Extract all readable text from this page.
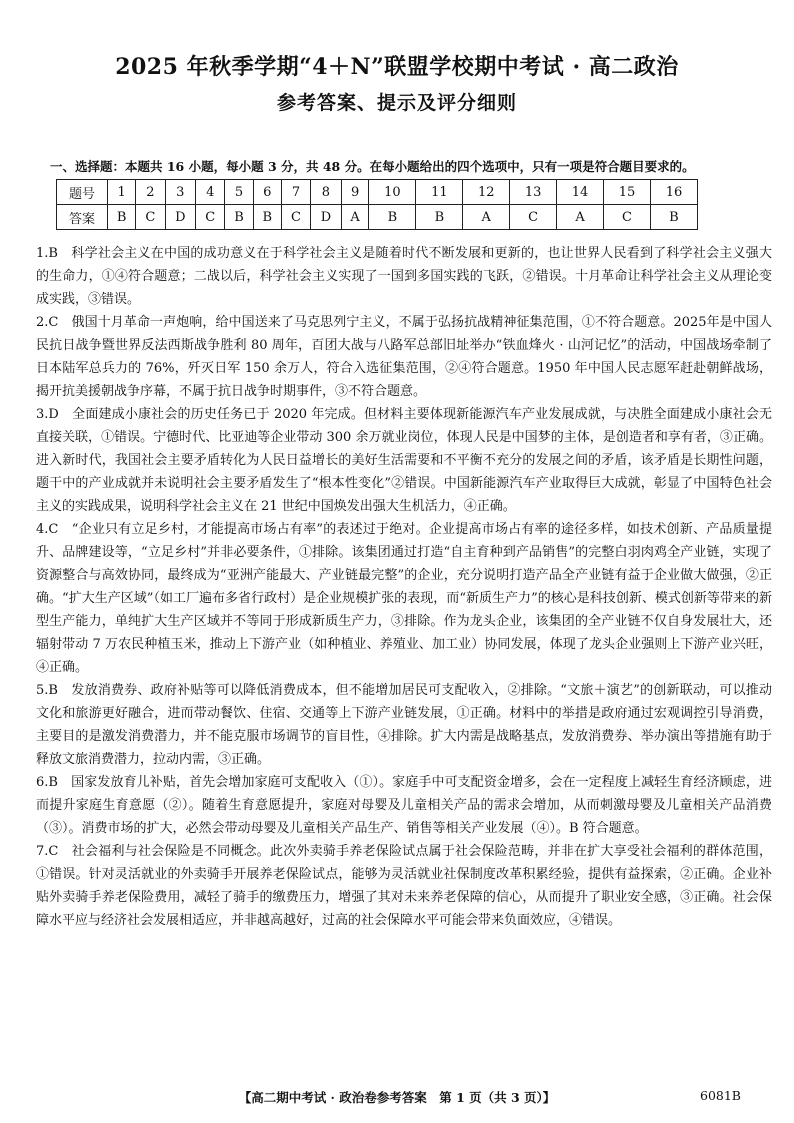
2025 年秋季学期“4＋N”联盟学校期中考试 · 高二政治
参考答案、提示及评分细则
一、选择题：本题共 16 小题，每小题 3 分，共 48 分。在每小题给出的四个选项中，只有一项是符合题目要求的。
题号	1	2	3	4	5	6	7	8	9	10	11	12	13	14	15	16
答案	B	C	D	C	B	B	C	D	A	B	B	A	C	A	C	B
1.B　 科学社会主义在中国的成功意义在于科学社会主义是随着时代不断发展和更新的，也让世界人民看到了科学社会主义强大的生命力，①④符合题意；二战以后，科学社会主义实现了一国到多国实践的飞跃，②错误。十月革命让科学社会主义从理论变成实践，③错误。
2.C　 俄国十月革命一声炮响，给中国送来了马克思列宁主义，不属于弘扬抗战精神征集范围，①不符合题意。2025年是中国人民抗日战争暨世界反法西斯战争胜利 80 周年，百团大战与八路军总部旧址举办“铁血烽火 · 山河记忆”的活动，中国战场牵制了日本陆军总兵力的 76%，歼灭日军 150 余万人，符合入选征集范围，②④符合题意。1950 年中国人民志愿军赶赴朝鲜战场，揭开抗美援朝战争序幕，不属于抗日战争时期事件，③不符合题意。
3.D　 全面建成小康社会的历史任务已于 2020 年完成。但材料主要体现新能源汽车产业发展成就，与决胜全面建成小康社会无直接关联，①错误。宁德时代、比亚迪等企业带动 300 余万就业岗位，体现人民是中国梦的主体，是创造者和享有者，③正确。进入新时代，我国社会主要矛盾转化为人民日益增长的美好生活需要和不平衡不充分的发展之间的矛盾，该矛盾是长期性问题，题干中的产业成就并未说明社会主要矛盾发生了“根本性变化”②错误。中国新能源汽车产业取得巨大成就，彰显了中国特色社会主义的实践成果，说明科学社会主义在 21 世纪中国焕发出强大生机活力，④正确。
4.C　 “企业只有立足乡村，才能提高市场占有率”的表述过于绝对。企业提高市场占有率的途径多样，如技术创新、产品质量提升、品牌建设等，“立足乡村”并非必要条件，①排除。该集团通过打造“自主育种到产品销售”的完整白羽肉鸡全产业链，实现了资源整合与高效协同，最终成为“亚洲产能最大、产业链最完整”的企业，充分说明打造产品全产业链有益于企业做大做强，②正确。“扩大生产区域”（如工厂遍布多省行政村）是企业规模扩张的表现，而“新质生产力”的核心是科技创新、模式创新等带来的新型生产能力，单纯扩大生产区域并不等同于形成新质生产力，③排除。作为龙头企业，该集团的全产业链不仅自身发展壮大，还辐射带动 7 万农民种植玉米，推动上下游产业（如种植业、养殖业、加工业）协同发展，体现了龙头企业强则上下游产业兴旺，④正确。
5.B　 发放消费券、政府补贴等可以降低消费成本，但不能增加居民可支配收入，②排除。“文旅＋演艺”的创新联动，可以推动文化和旅游更好融合，进而带动餐饮、住宿、交通等上下游产业链发展，①正确。材料中的举措是政府通过宏观调控引导消费，主要目的是激发消费潜力，并不能克服市场调节的盲目性，④排除。扩大内需是战略基点，发放消费券、举办演出等措施有助于释放文旅消费潜力，拉动内需，③正确。
6.B　 国家发放育儿补贴，首先会增加家庭可支配收入（①）。家庭手中可支配资金增多，会在一定程度上减轻生育经济顾虑，进而提升家庭生育意愿（②）。随着生育意愿提升，家庭对母婴及儿童相关产品的需求会增加，从而刺激母婴及儿童相关产品消费（③）。消费市场的扩大，必然会带动母婴及儿童相关产品生产、销售等相关产业发展（④）。B 符合题意。
7.C　 社会福利与社会保险是不同概念。此次外卖骑手养老保险试点属于社会保险范畴，并非在扩大享受社会福利的群体范围，①错误。针对灵活就业的外卖骑手开展养老保险试点，能够为灵活就业社保制度改革积累经验，提供有益探索，②正确。企业补贴外卖骑手养老保险费用，减轻了骑手的缴费压力，增强了其对未来养老保障的信心，从而提升了职业安全感，③正确。社会保障水平应与经济社会发展相适应，并非越高越好，过高的社会保障水平可能会带来负面效应，④错误。
【高二期中考试 · 政治卷参考答案　第 1 页（共 3 页）】	6081B
